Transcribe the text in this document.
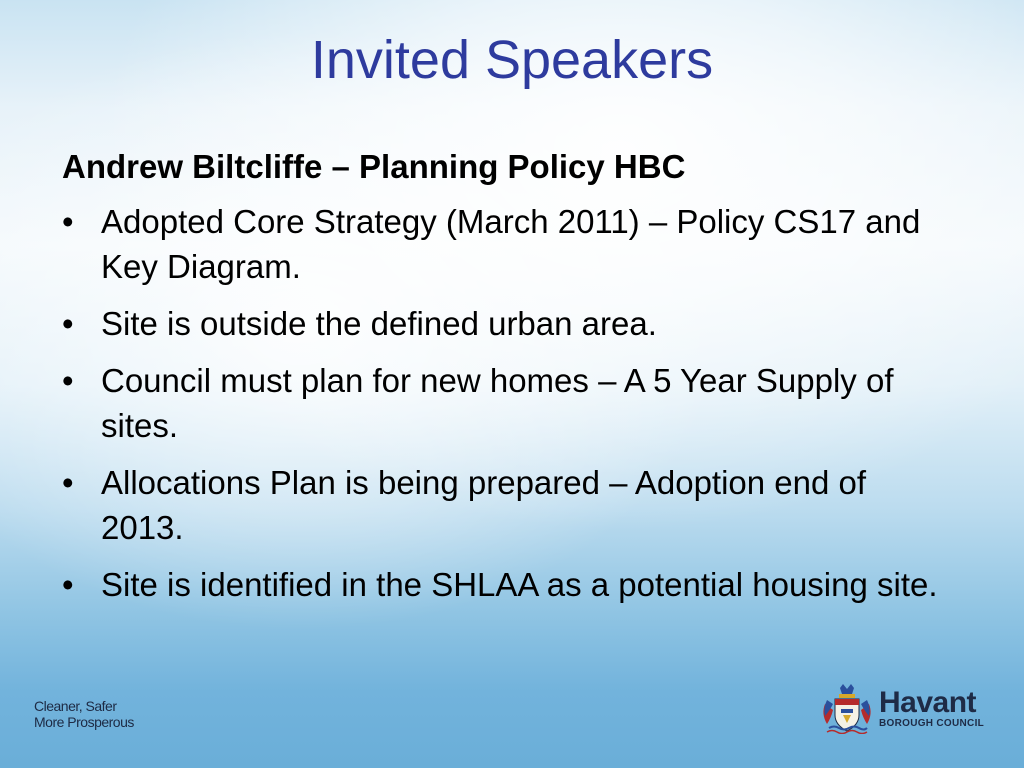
Invited Speakers
Andrew Biltcliffe – Planning Policy HBC
• Adopted Core Strategy (March 2011) – Policy CS17 and Key Diagram.
• Site is outside the defined urban area.
• Council must plan for new homes – A 5 Year Supply of sites.
• Allocations Plan is being prepared – Adoption end of 2013.
• Site is identified in the SHLAA as a potential housing site.
Cleaner, Safer
More Prosperous
Havant
BOROUGH COUNCIL
